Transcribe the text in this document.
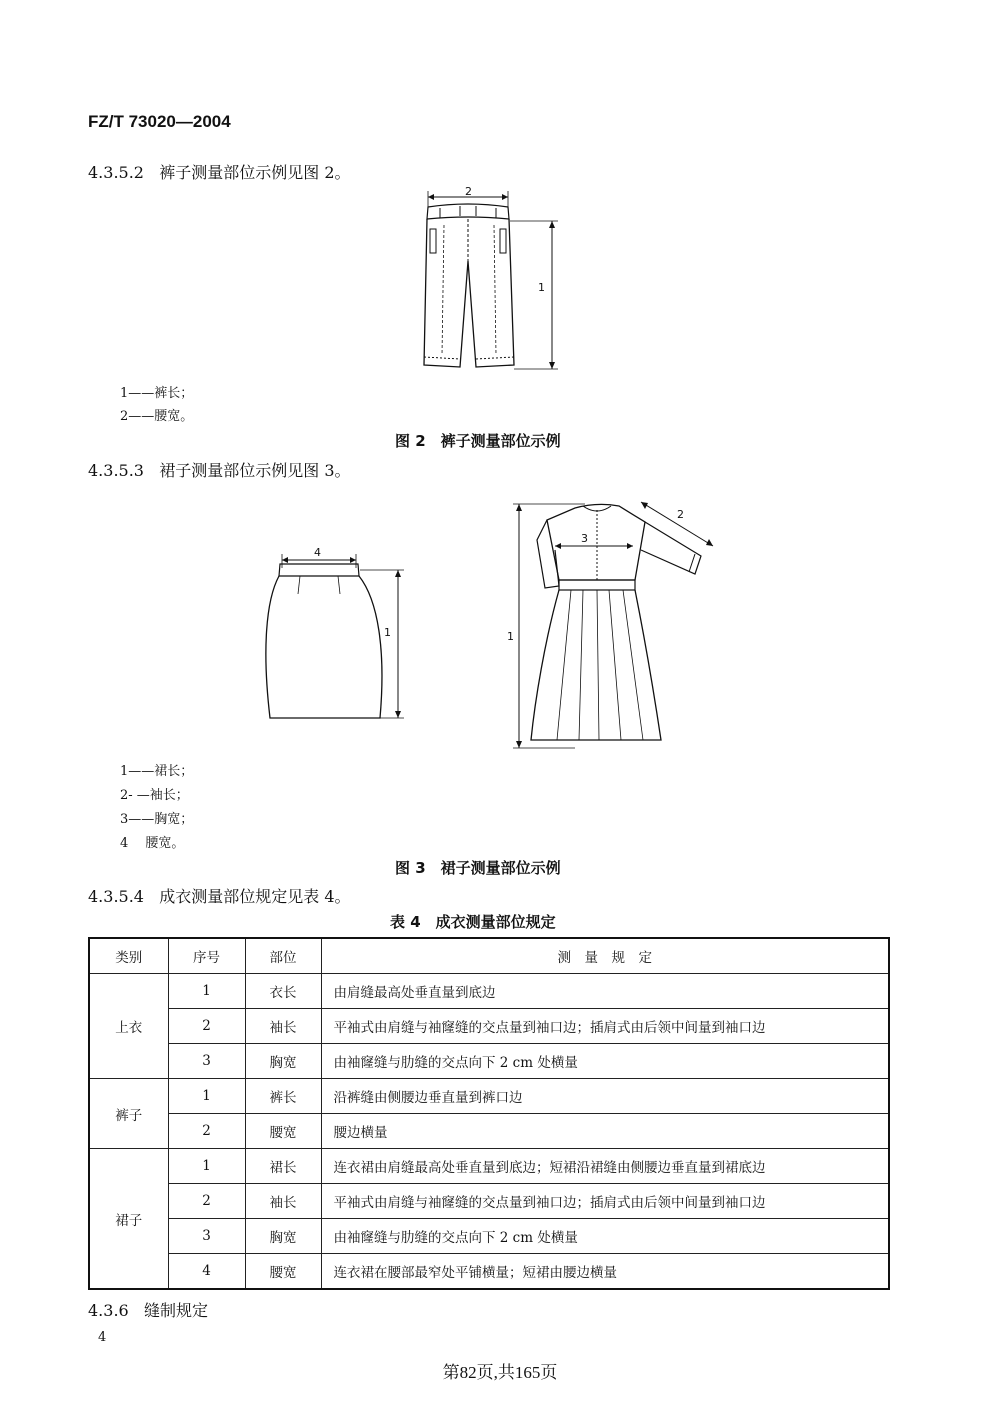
FZ/T 73020—2004
4.3.5.2 裤子测量部位示例见图 2。
2
1
1——裤长；
2——腰宽。
图 2　裤子测量部位示例
4.3.5.3 裙子测量部位示例见图 3。
4
1	1
2
3
1——裙长；
2- —袖长；
3——胸宽；
4　 腰宽。
图 3　裙子测量部位示例
4.3.5.4 成衣测量部位规定见表 4。
表 4　成衣测量部位规定
类别	序号	部位	测　量　规　定
上衣	1	衣长	由肩缝最高处垂直量到底边
	2	袖长	平袖式由肩缝与袖窿缝的交点量到袖口边；插肩式由后领中间量到袖口边
	3	胸宽	由袖窿缝与肋缝的交点向下 2 cm 处横量
裤子	1	裤长	沿裤缝由侧腰边垂直量到裤口边
	2	腰宽	腰边横量
裙子	1	裙长	连衣裙由肩缝最高处垂直量到底边；短裙沿裙缝由侧腰边垂直量到裙底边
	2	袖长	平袖式由肩缝与袖窿缝的交点量到袖口边；插肩式由后领中间量到袖口边
	3	胸宽	由袖窿缝与肋缝的交点向下 2 cm 处横量
	4	腰宽	连衣裙在腰部最窄处平铺横量；短裙由腰边横量
4.3.6 缝制规定
4
第82页,共165页
